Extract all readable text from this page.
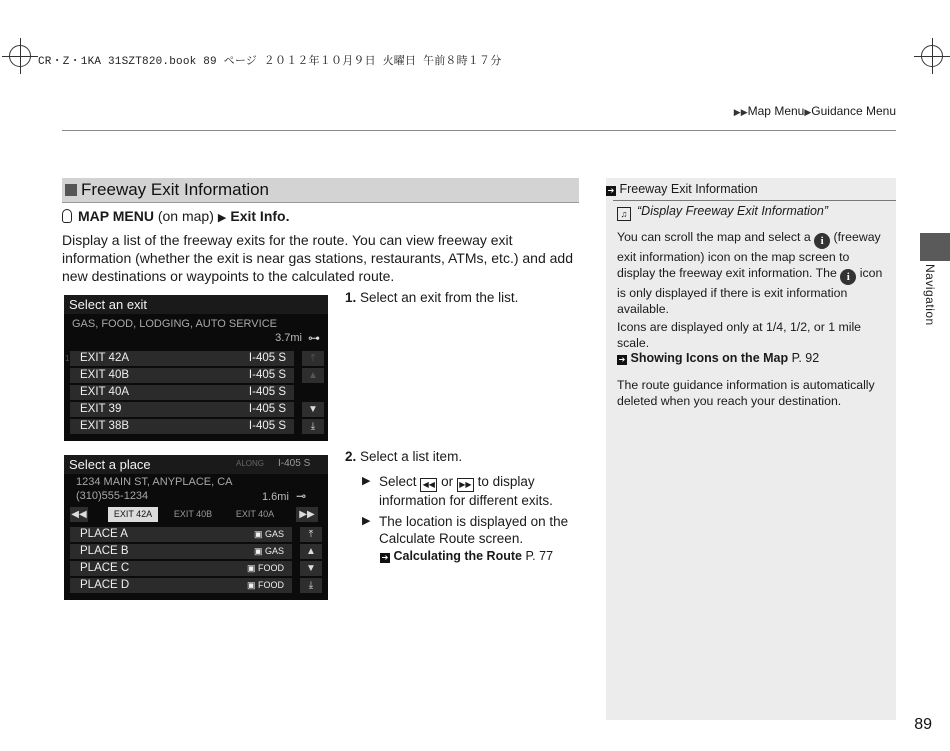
CR・Z・1KA 31SZT820.book 89 ページ ２０１２年１０月９日 火曜日 午前８時１７分
▶▶Map Menu▶Guidance Menu
Freeway Exit Information
MAP MENU (on map) ▶ Exit Info.
Display a list of the freeway exits for the route. You can view freeway exit information (whether the exit is near gas stations, restaurants, ATMs, etc.) and add new destinations or waypoints to the calculated route.
Select an exit
GAS, FOOD, LODGING, AUTO SERVICE
3.7mi ⊶
1 EXIT 42A	I-405 S
EXIT 40B	I-405 S
EXIT 40A	I-405 S
EXIT 39	I-405 S
EXIT 38B	I-405 S
⤒
▲
▼
⤓
Select a place	ALONG I-405 S
1234 MAIN ST, ANYPLACE, CA
(310)555-1234	1.6mi ⊸
◀◀	EXIT 42A	EXIT 40B	EXIT 40A	▶▶
PLACE A	▣ GAS
PLACE B	▣ GAS
PLACE C	▣ FOOD
PLACE D	▣ FOOD
⤒
▲
▼
⤓
1. Select an exit from the list.
2. Select a list item.
▶ Select ◀◀ or ▶▶ to display information for different exits.
▶ The location is displayed on the Calculate Route screen.
➔ Calculating the Route P. 77
➔ Freeway Exit Information
♫ “Display Freeway Exit Information”
You can scroll the map and select a i (freeway exit information) icon on the map screen to display the freeway exit information. The i icon is only displayed if there is exit information available.
Icons are displayed only at 1/4, 1/2, or 1 mile scale.
➔ Showing Icons on the Map P. 92
The route guidance information is automatically deleted when you reach your destination.
Navigation
89
